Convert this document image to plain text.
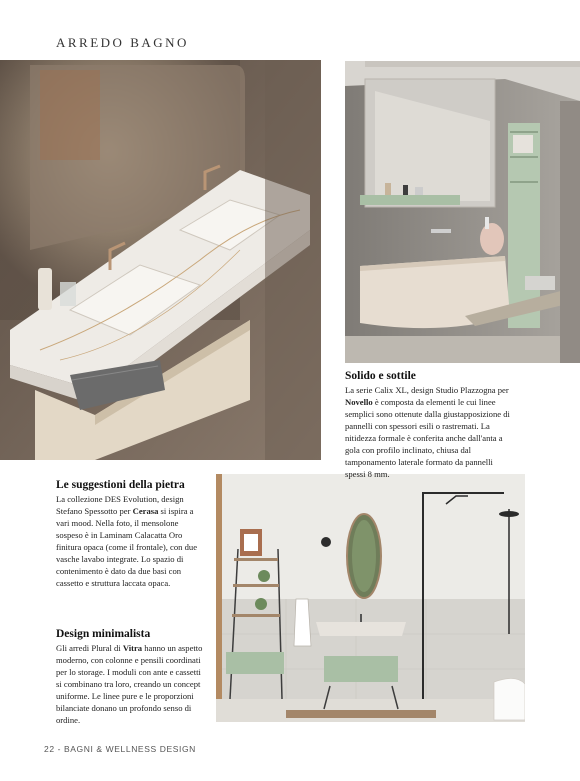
ARREDO BAGNO
Solido e sottile

La serie Calix XL, design Studio Plazzogna per Novello è composta da elementi le cui linee semplici sono ottenute dalla giustapposizione di pannelli con spessori esili o rastremati. La nitidezza formale è conferita anche dall'anta a gola con profilo inclinato, chiusa dal tamponamento laterale formato da pannelli spessi 8 mm.

Le suggestioni della pietra

La collezione DES Evolution, design Stefano Spessotto per Cerasa si ispira a vari mood. Nella foto, il mensolone sospeso è in Laminam Calacatta Oro finitura opaca (come il frontale), con due vasche lavabo integrate. Lo spazio di contenimento è dato da due basi con cassetto e struttura laccata opaca.

Design minimalista

Gli arredi Plural di Vitra hanno un aspetto moderno, con colonne e pensili coordinati per lo storage. I moduli con ante e cassetti si combinano tra loro, creando un concept uniforme. Le linee pure e le proporzioni bilanciate donano un profondo senso di ordine.

22 - BAGNI & WELLNESS DESIGN
